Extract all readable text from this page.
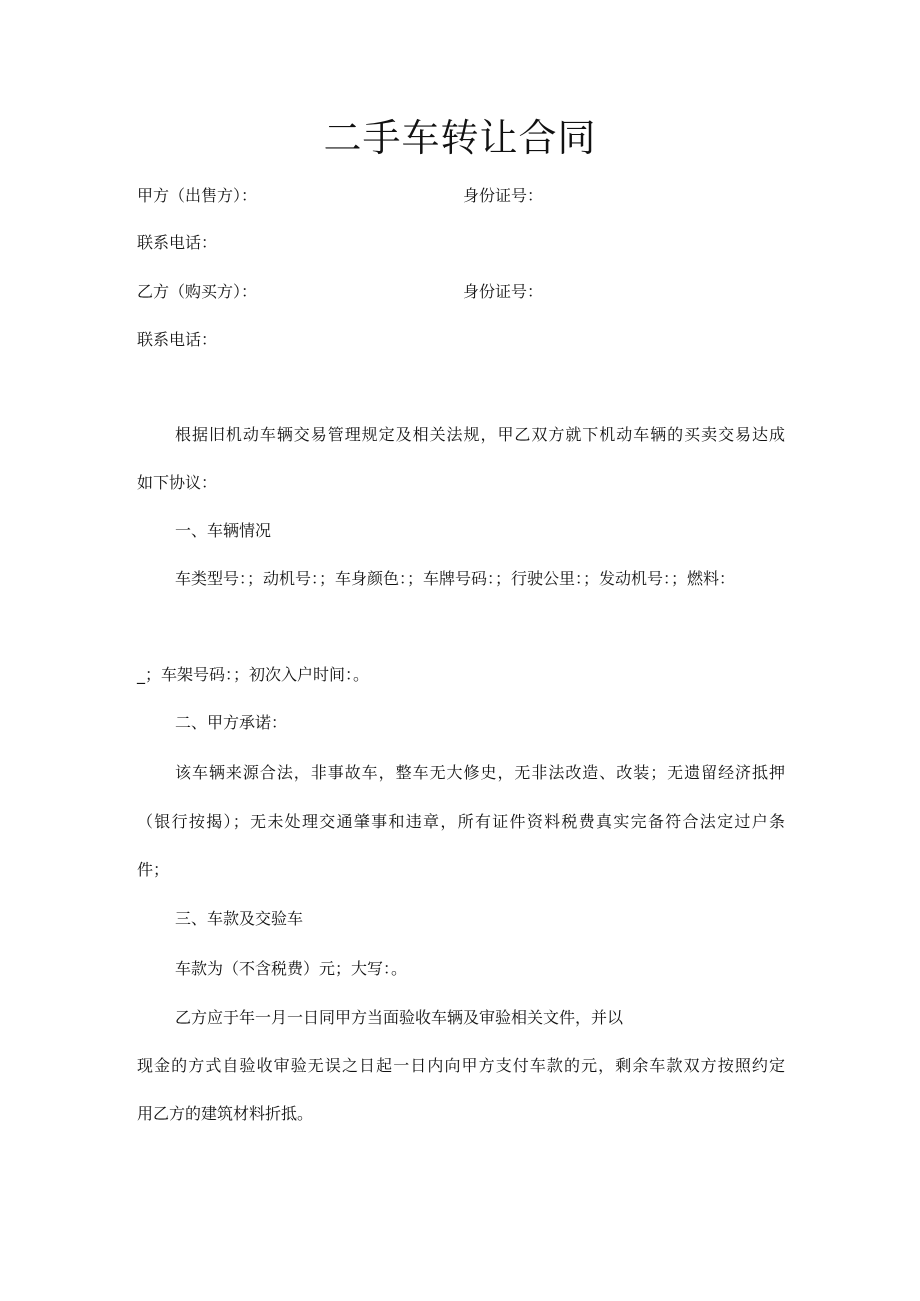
二手车转让合同
甲方（出售方）：	身份证号：
联系电话：
乙方（购买方）：	身份证号：
联系电话：
根据旧机动车辆交易管理规定及相关法规，甲乙双方就下机动车辆的买卖交易达成
如下协议：
一、车辆情况
车类型号：；动机号：；车身颜色：；车牌号码：；行驶公里：；发动机号：；燃料：
_；车架号码：；初次入户时间：。
二、甲方承诺：
该车辆来源合法，非事故车，整车无大修史，无非法改造、改装；无遗留经济抵押
（银行按揭）；无未处理交通肇事和违章，所有证件资料税费真实完备符合法定过户条
件；
三、车款及交验车
车款为（不含税费）元；大写：。
乙方应于年一月一日同甲方当面验收车辆及审验相关文件，并以
现金的方式自验收审验无误之日起一日内向甲方支付车款的元，剩余车款双方按照约定
用乙方的建筑材料折抵。
